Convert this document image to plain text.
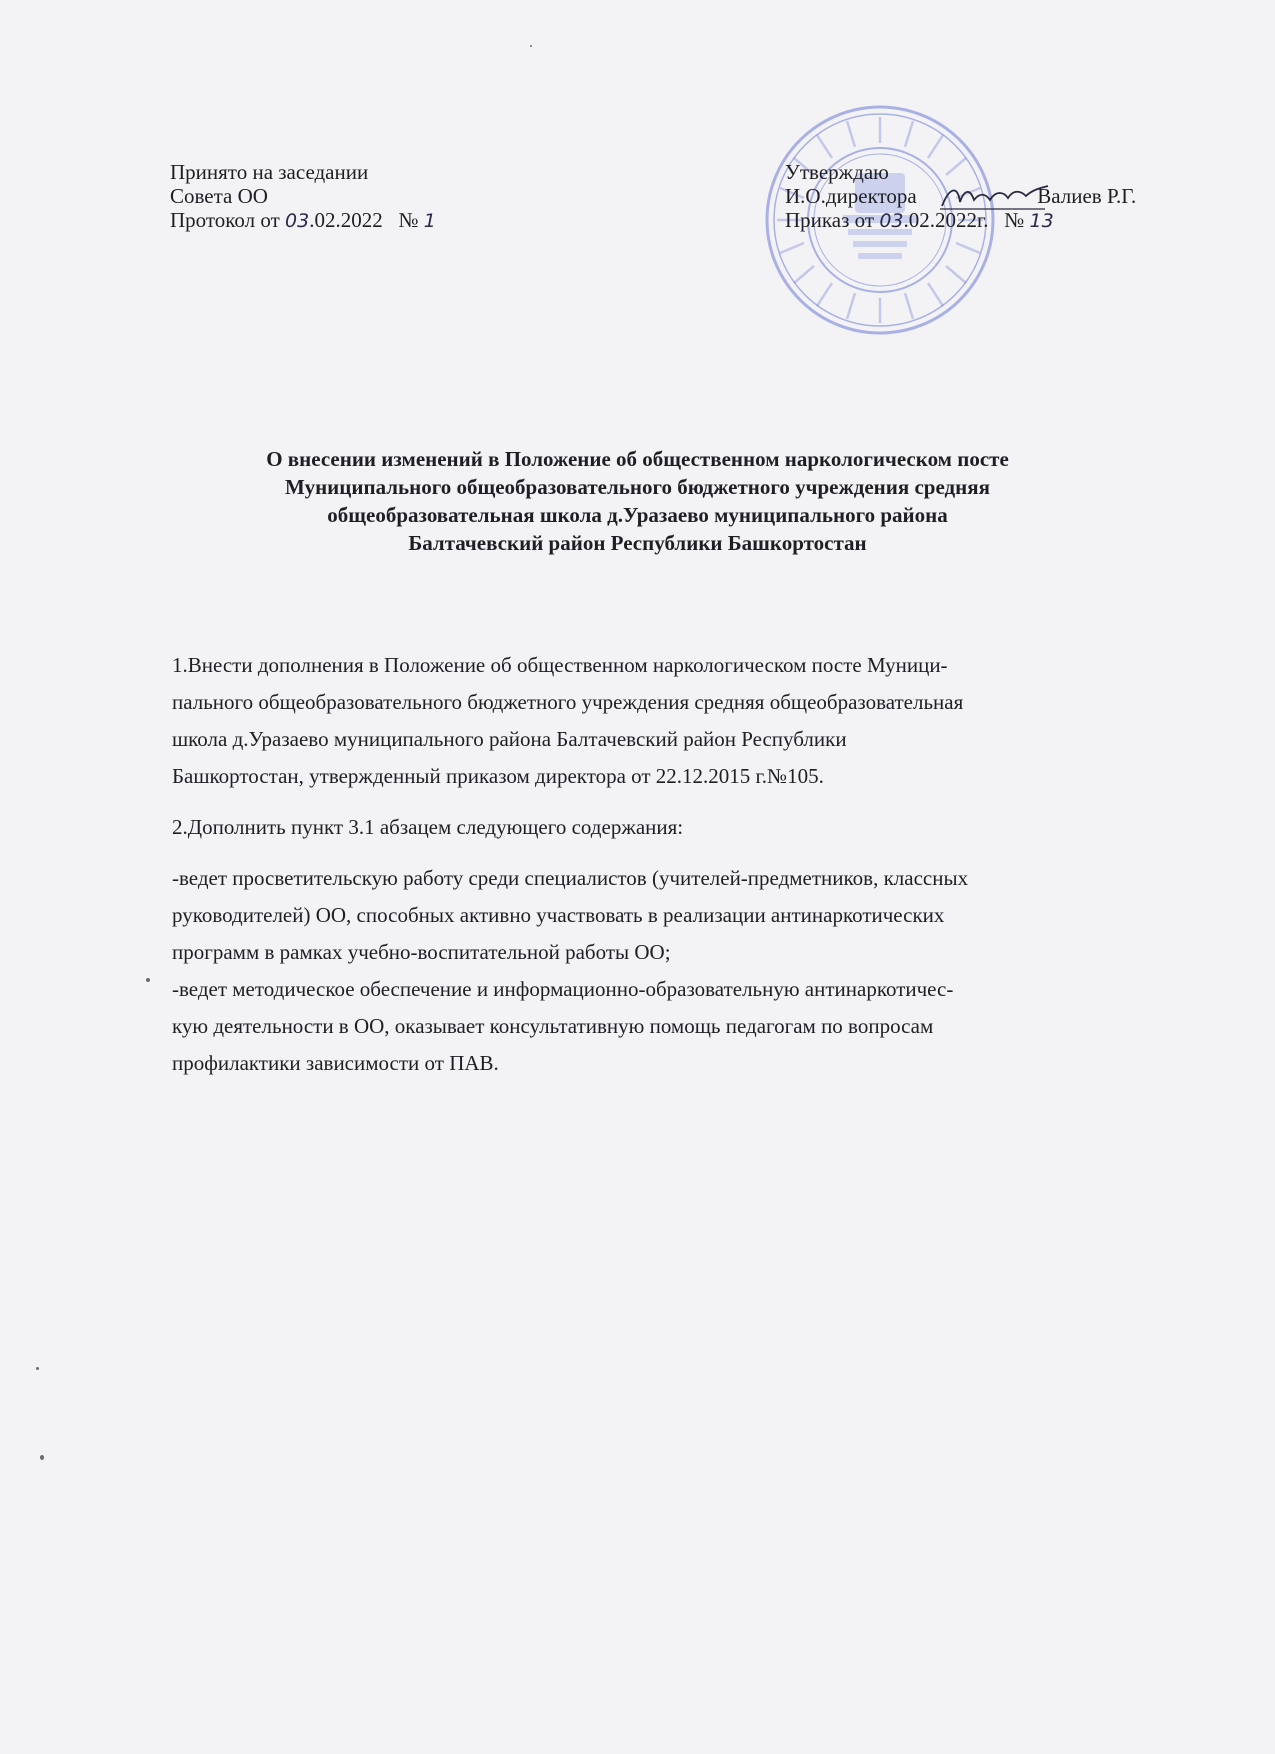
Принято на заседании
Совета ОО
Протокол от 03.02.2022 № 1
Утверждаю
И.О.директора	Валиев Р.Г.
Приказ от 03.02.2022г. № 13
О внесении изменений в Положение об общественном наркологическом посте
Муниципального общеобразовательного бюджетного учреждения средняя
общеобразовательная школа д.Уразаево муниципального района
Балтачевский район Республики Башкортостан
1.Внести дополнения в Положение об общественном наркологическом посте Муници-
пального общеобразовательного бюджетного учреждения средняя общеобразовательная
школа д.Уразаево муниципального района Балтачевский район Республики
Башкортостан, утвержденный приказом директора от 22.12.2015 г.№105.
2.Дополнить пункт 3.1 абзацем следующего содержания:
-ведет просветительскую работу среди специалистов (учителей-предметников, классных
руководителей) ОО, способных активно участвовать в реализации антинаркотических
программ в рамках учебно-воспитательной работы ОО;
-ведет методическое обеспечение и информационно-образовательную антинаркотичес-
кую деятельности в ОО, оказывает консультативную помощь педагогам по вопросам
профилактики зависимости от ПАВ.
